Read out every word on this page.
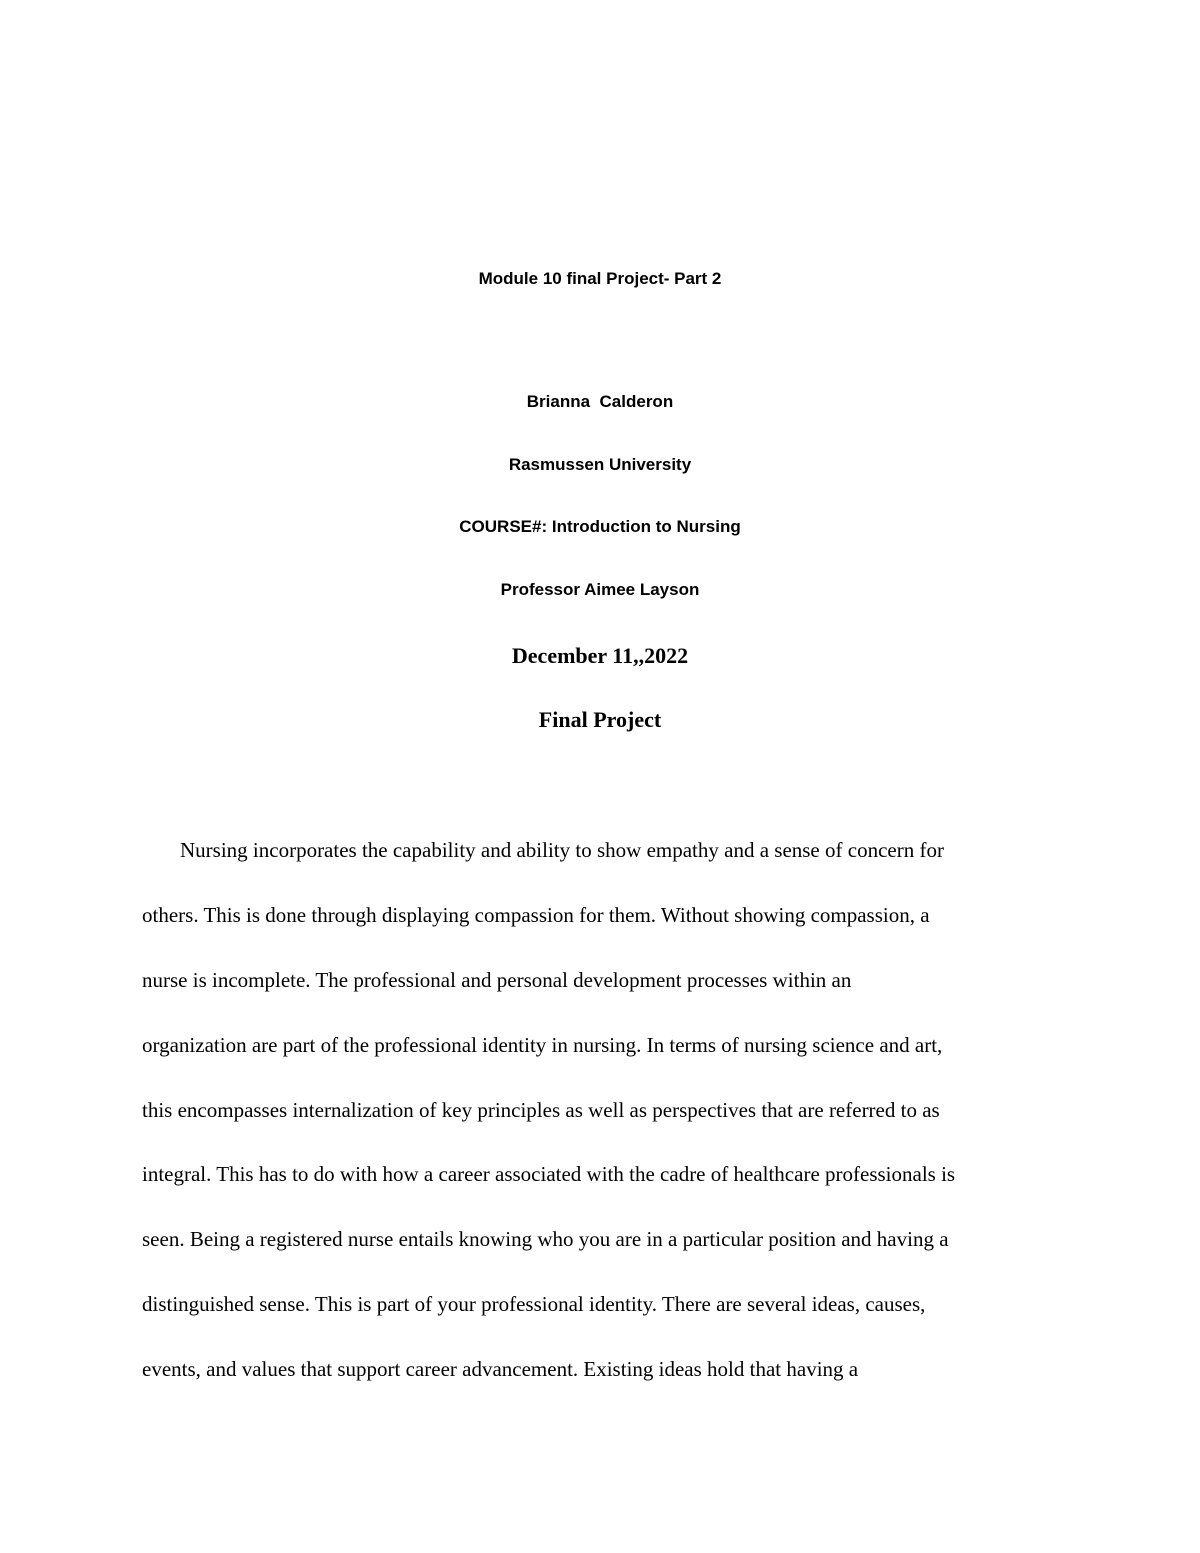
Module 10 final Project- Part 2
Brianna  Calderon
Rasmussen University
COURSE#: Introduction to Nursing
Professor Aimee Layson
December 11,,2022
Final Project
Nursing incorporates the capability and ability to show empathy and a sense of concern for
others. This is done through displaying compassion for them. Without showing compassion, a
nurse is incomplete. The professional and personal development processes within an
organization are part of the professional identity in nursing. In terms of nursing science and art,
this encompasses internalization of key principles as well as perspectives that are referred to as
integral. This has to do with how a career associated with the cadre of healthcare professionals is
seen. Being a registered nurse entails knowing who you are in a particular position and having a
distinguished sense. This is part of your professional identity. There are several ideas, causes,
events, and values that support career advancement. Existing ideas hold that having a
